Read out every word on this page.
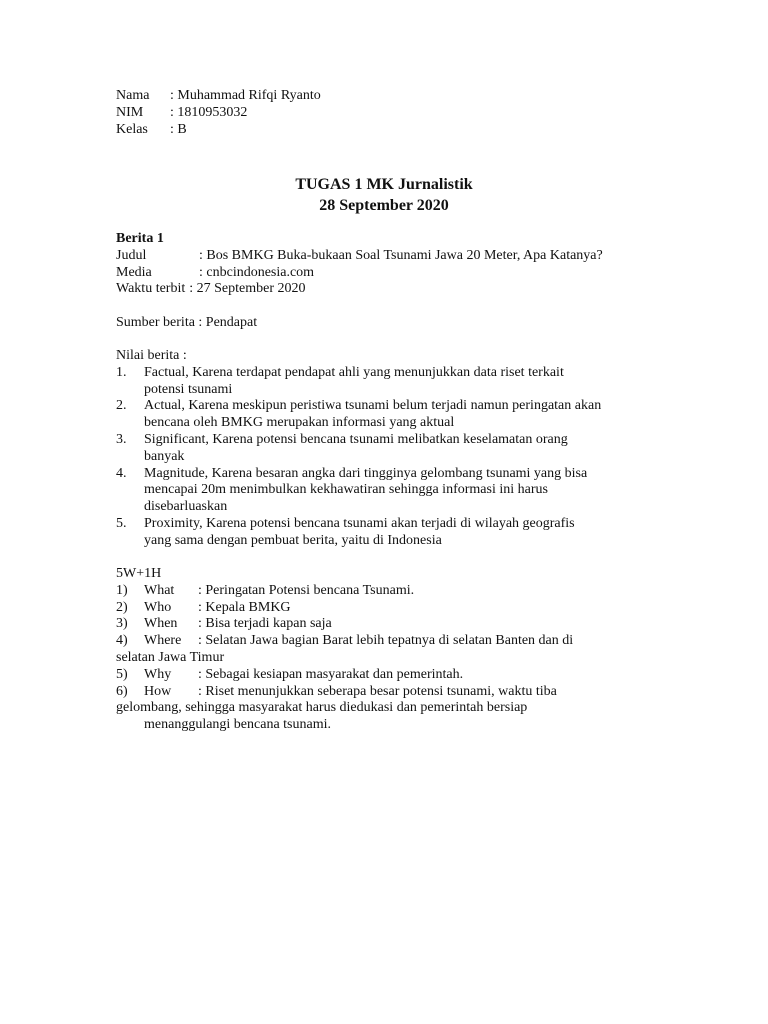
Nama	: Muhammad Rifqi Ryanto
NIM	: 1810953032
Kelas	: B
TUGAS 1 MK Jurnalistik
28 September 2020
Berita 1
Judul	: Bos BMKG Buka-bukaan Soal Tsunami Jawa 20 Meter, Apa Katanya?
Media	: cnbcindonesia.com
Waktu terbit : 27 September 2020
Sumber berita : Pendapat
Nilai berita :
1.	Factual, Karena terdapat pendapat ahli yang menunjukkan data riset terkait
potensi tsunami
2.	Actual, Karena meskipun peristiwa tsunami belum terjadi namun peringatan akan
bencana oleh BMKG merupakan informasi yang aktual
3.	Significant, Karena potensi bencana tsunami melibatkan keselamatan orang
banyak
4.	Magnitude, Karena besaran angka dari tingginya gelombang tsunami yang bisa
mencapai 20m menimbulkan kekhawatiran sehingga informasi ini harus
disebarluaskan
5.	Proximity, Karena potensi bencana tsunami akan terjadi di wilayah geografis
yang sama dengan pembuat berita, yaitu di Indonesia
5W+1H
1)	What : Peringatan Potensi bencana Tsunami.
2)	Who : Kepala BMKG
3)	When : Bisa terjadi kapan saja
4)	Where : Selatan Jawa bagian Barat lebih tepatnya di selatan Banten dan di
selatan Jawa Timur
5)	Why : Sebagai kesiapan masyarakat dan pemerintah.
6)	How : Riset menunjukkan seberapa besar potensi tsunami, waktu tiba
gelombang, sehingga masyarakat harus diedukasi dan pemerintah bersiap
menanggulangi bencana tsunami.
